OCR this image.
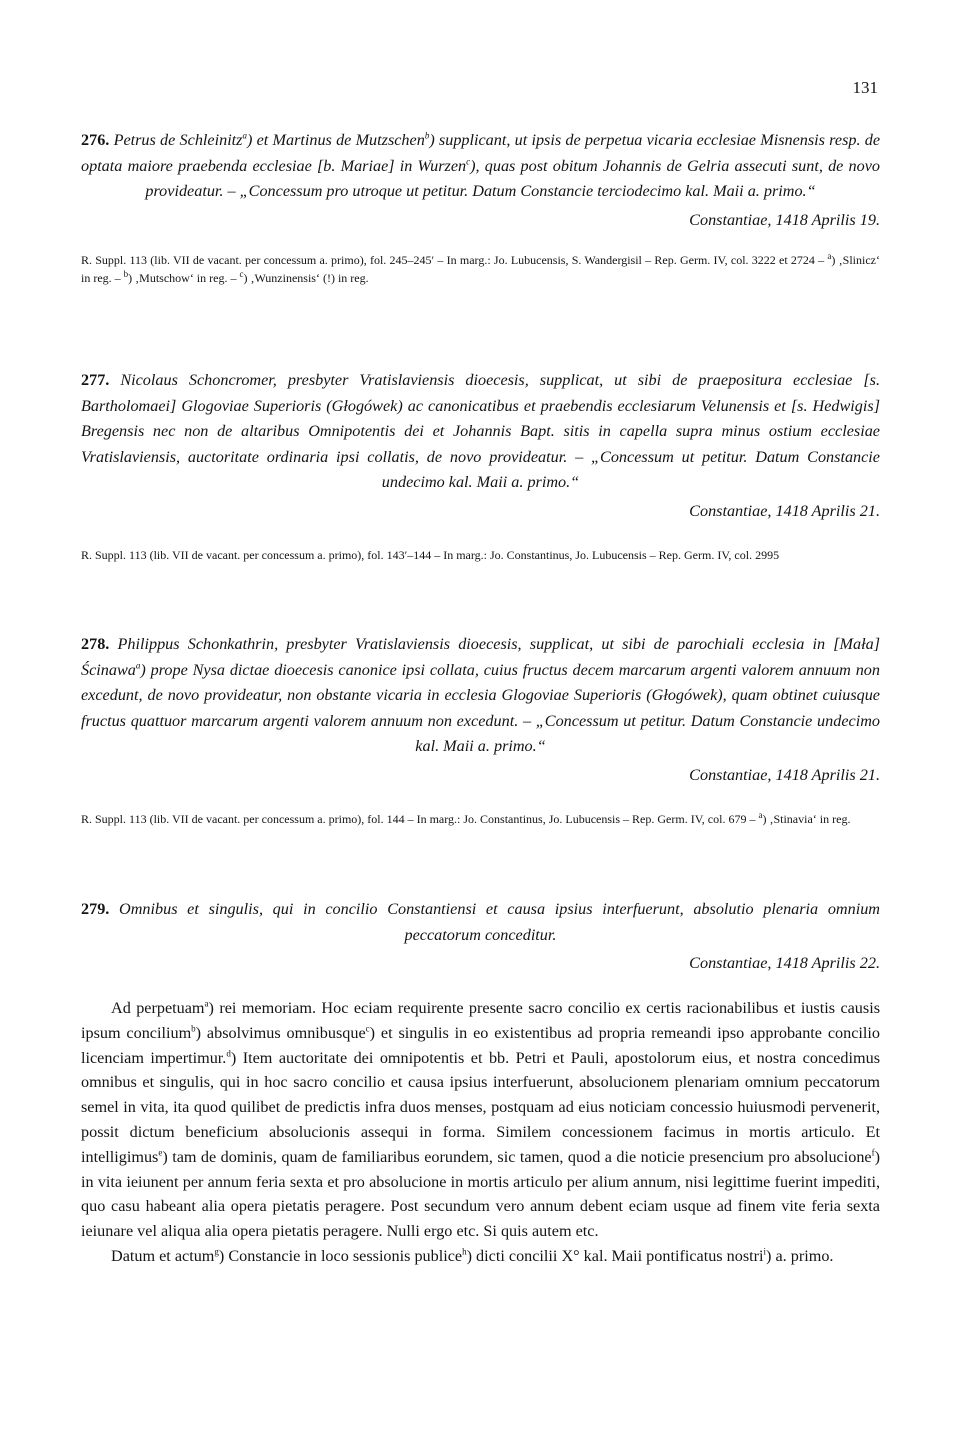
131
276. Petrus de Schleinitz$^a$) et Martinus de Mutzschen$^b$) supplicant, ut ipsis de perpetua vicaria ecclesiae Misnensis resp. de optata maiore praebenda ecclesiae [b. Mariae] in Wurzen$^c$), quas post obitum Johannis de Gelria assecuti sunt, de novo provideatur. – „Concessum pro utroque ut petitur. Datum Constancie terciodecimo kal. Maii a. primo.“
Constantiae, 1418 Aprilis 19.
R. Suppl. 113 (lib. VII de vacant. per concessum a. primo), fol. 245–245′ – In marg.: Jo. Lubucensis, S. Wandergisil – Rep. Germ. IV, col. 3222 et 2724 – $^a$) ‚Slinicz‘ in reg. – $^b$) ‚Mutschow‘ in reg. – $^c$) ‚Wunzinensis‘ (!) in reg.
277. Nicolaus Schoncromer, presbyter Vratislaviensis dioecesis, supplicat, ut sibi de praepositura ecclesiae [s. Bartholomaei] Glogoviae Superioris (Głogówek) ac canonicatibus et praebendis ecclesiarum Velunensis et [s. Hedwigis] Bregensis nec non de altaribus Omnipotentis dei et Johannis Bapt. sitis in capella supra minus ostium ecclesiae Vratislaviensis, auctoritate ordinaria ipsi collatis, de novo provideatur. – „Concessum ut petitur. Datum Constancie undecimo kal. Maii a. primo.“
Constantiae, 1418 Aprilis 21.
R. Suppl. 113 (lib. VII de vacant. per concessum a. primo), fol. 143′–144 – In marg.: Jo. Constantinus, Jo. Lubucensis – Rep. Germ. IV, col. 2995
278. Philippus Schonkathrin, presbyter Vratislaviensis dioecesis, supplicat, ut sibi de parochiali ecclesia in [Mała] Ścinawa$^a$) prope Nysa dictae dioecesis canonice ipsi collata, cuius fructus decem marcarum argenti valorem annuum non excedunt, de novo provideatur, non obstante vicaria in ecclesia Glogoviae Superioris (Głogówek), quam obtinet cuiusque fructus quattuor marcarum argenti valorem annuum non excedunt. – „Concessum ut petitur. Datum Constancie undecimo kal. Maii a. primo.“
Constantiae, 1418 Aprilis 21.
R. Suppl. 113 (lib. VII de vacant. per concessum a. primo), fol. 144 – In marg.: Jo. Constantinus, Jo. Lubucensis – Rep. Germ. IV, col. 679 – $^a$) ‚Stinavia‘ in reg.
279. Omnibus et singulis, qui in concilio Constantiensi et causa ipsius interfuerunt, absolutio plenaria omnium peccatorum conceditur.
Constantiae, 1418 Aprilis 22.

Ad perpetuam$^a$) rei memoriam. Hoc eciam requirente presente sacro concilio ex certis racionabilibus et iustis causis ipsum concilium$^b$) absolvimus omnibusque$^c$) et singulis in eo existentibus ad propria remeandi ipso approbante concilio licenciam impertimur.$^d$) Item auctoritate dei omnipotentis et bb. Petri et Pauli, apostolorum eius, et nostra concedimus omnibus et singulis, qui in hoc sacro concilio et causa ipsius interfuerunt, absolucionem plenariam omnium peccatorum semel in vita, ita quod quilibet de predictis infra duos menses, postquam ad eius noticiam concessio huiusmodi pervenerit, possit dictum beneficium absolucionis assequi in forma. Similem concessionem facimus in mortis articulo. Et intelligimus$^e$) tam de dominis, quam de familiaribus eorundem, sic tamen, quod a die noticie presencium pro absolucione$^f$) in vita ieiunent per annum feria sexta et pro absolucione in mortis articulo per alium annum, nisi legittime fuerint impediti, quo casu habeant alia opera pietatis peragere. Post secundum vero annum debent eciam usque ad finem vite feria sexta ieiunare vel aliqua alia opera pietatis peragere. Nulli ergo etc. Si quis autem etc.

Datum et actum$^g$) Constancie in loco sessionis publice$^h$) dicti concilii X° kal. Maii pontificatus nostri$^i$) a. primo.
